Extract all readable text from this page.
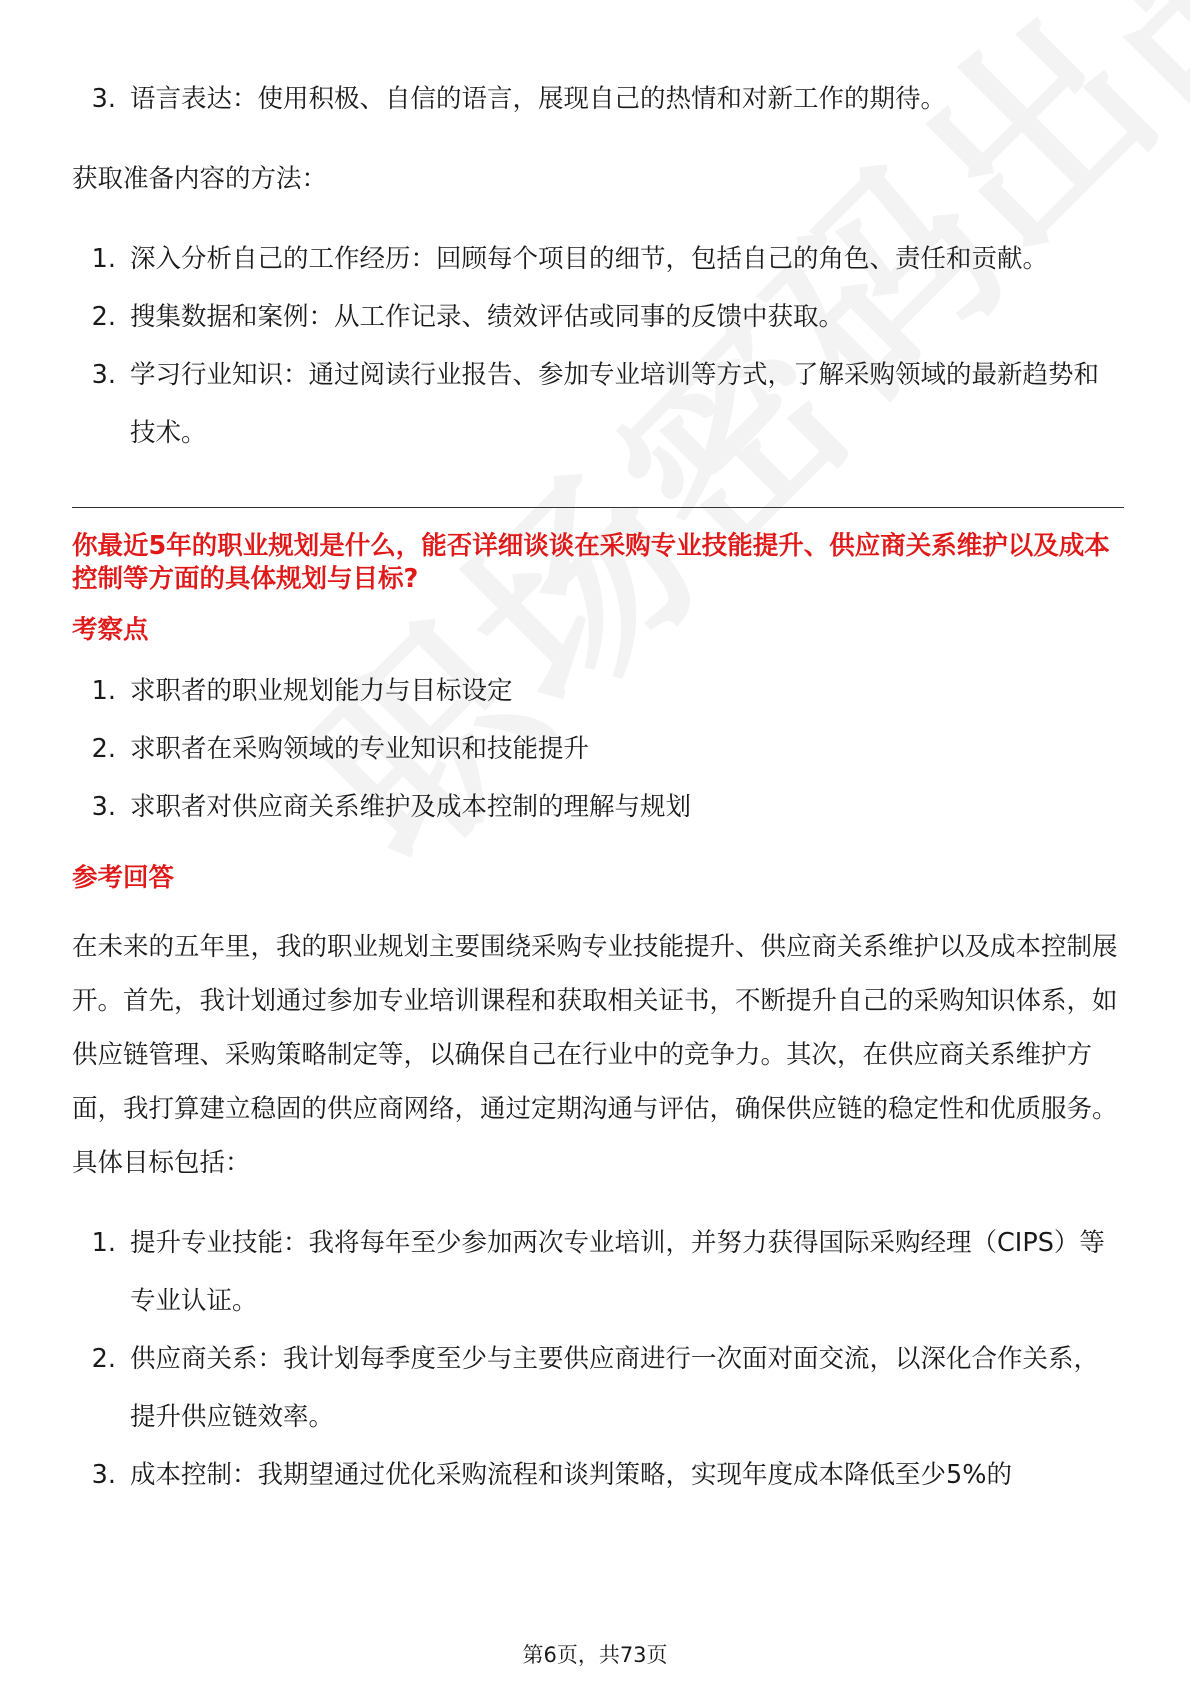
3. 语言表达：使用积极、自信的语言，展现自己的热情和对新工作的期待。

获取准备内容的方法：

1. 深入分析自己的工作经历：回顾每个项目的细节，包括自己的角色、责任和贡献。
2. 搜集数据和案例：从工作记录、绩效评估或同事的反馈中获取。
3. 学习行业知识：通过阅读行业报告、参加专业培训等方式，了解采购领域的最新趋势和技术。

你最近5年的职业规划是什么，能否详细谈谈在采购专业技能提升、供应商关系维护以及成本控制等方面的具体规划与目标?

考察点

1. 求职者的职业规划能力与目标设定
2. 求职者在采购领域的专业知识和技能提升
3. 求职者对供应商关系维护及成本控制的理解与规划

参考回答

在未来的五年里，我的职业规划主要围绕采购专业技能提升、供应商关系维护以及成本控制展开。首先，我计划通过参加专业培训课程和获取相关证书，不断提升自己的采购知识体系，如供应链管理、采购策略制定等，以确保自己在行业中的竞争力。其次，在供应商关系维护方面，我打算建立稳固的供应商网络，通过定期沟通与评估，确保供应链的稳定性和优质服务。具体目标包括：

1. 提升专业技能：我将每年至少参加两次专业培训，并努力获得国际采购经理（CIPS）等专业认证。
2. 供应商关系：我计划每季度至少与主要供应商进行一次面对面交流，以深化合作关系，提升供应链效率。
3. 成本控制：我期望通过优化采购流程和谈判策略，实现年度成本降低至少5%的
第6页，共73页
